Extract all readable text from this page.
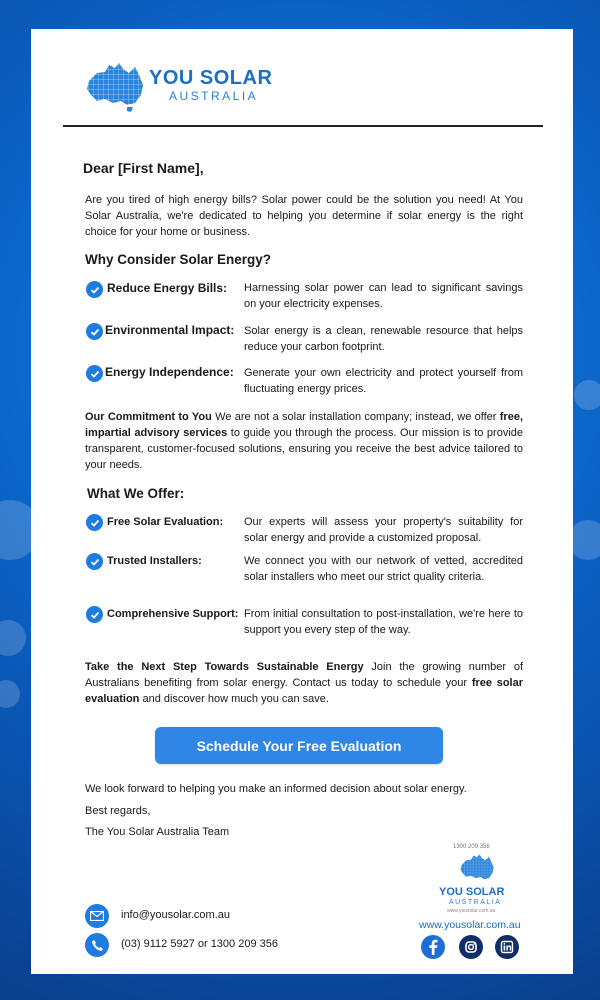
YOU SOLAR
AUSTRALIA
Dear [First Name],
Are you tired of high energy bills? Solar power could be the solution you need! At You Solar Australia, we're dedicated to helping you determine if solar energy is the right choice for your home or business.
Why Consider Solar Energy?
Reduce Energy Bills: Harnessing solar power can lead to significant savings on your electricity expenses.
Environmental Impact: Solar energy is a clean, renewable resource that helps reduce your carbon footprint.
Energy Independence: Generate your own electricity and protect yourself from fluctuating energy prices.
Our Commitment to You We are not a solar installation company; instead, we offer free, impartial advisory services to guide you through the process. Our mission is to provide transparent, customer-focused solutions, ensuring you receive the best advice tailored to your needs.
What We Offer:
Free Solar Evaluation: Our experts will assess your property's suitability for solar energy and provide a customized proposal.
Trusted Installers:	We connect you with our network of vetted, accredited solar installers who meet our strict quality criteria.
Comprehensive Support: From initial consultation to post-installation, we're here to support you every step of the way.
Take the Next Step Towards Sustainable Energy Join the growing number of Australians benefiting from solar energy. Contact us today to schedule your free solar evaluation and discover how much you can save.
Schedule Your Free Evaluation
We look forward to helping you make an informed decision about solar energy.
Best regards,
The You Solar Australia Team
info@yousolar.com.au
(03) 9112 5927 or 1300 209 356
1300 209 356
YOU SOLAR
AUSTRALIA
www.yousolar.com.au
www.yousolar.com.au
